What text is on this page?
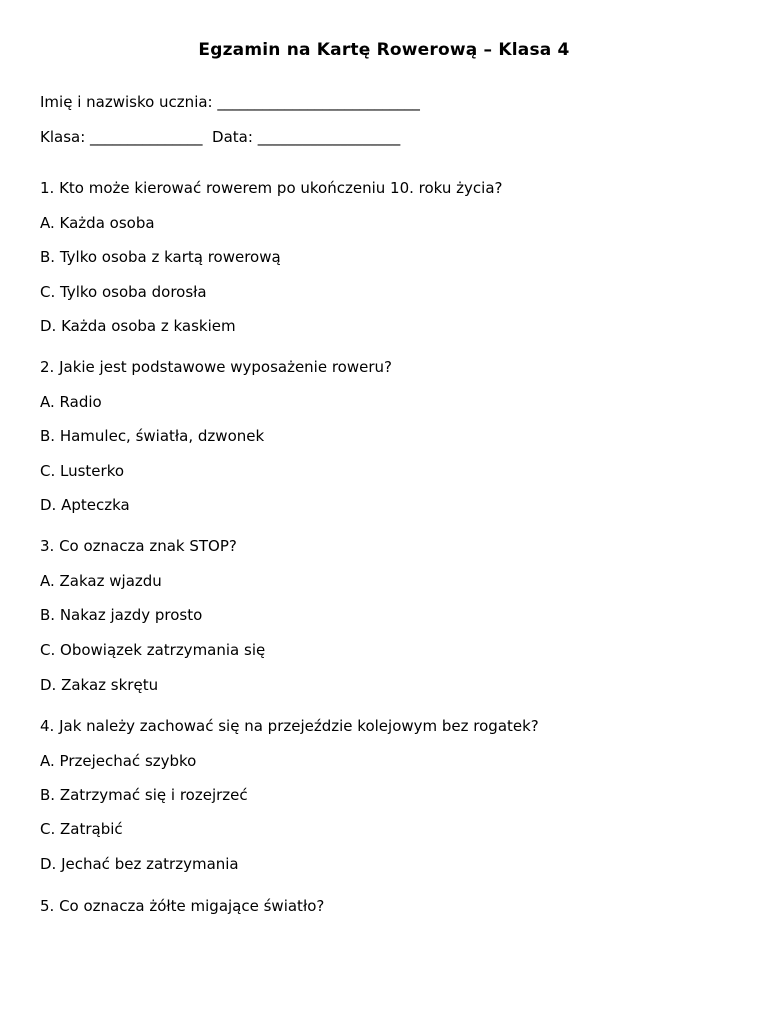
Egzamin na Kartę Rowerową – Klasa 4
Imię i nazwisko ucznia: ___________________________
Klasa: _______________  Data: ___________________
1. Kto może kierować rowerem po ukończeniu 10. roku życia?
A. Każda osoba
B. Tylko osoba z kartą rowerową
C. Tylko osoba dorosła
D. Każda osoba z kaskiem
2. Jakie jest podstawowe wyposażenie roweru?
A. Radio
B. Hamulec, światła, dzwonek
C. Lusterko
D. Apteczka
3. Co oznacza znak STOP?
A. Zakaz wjazdu
B. Nakaz jazdy prosto
C. Obowiązek zatrzymania się
D. Zakaz skrętu
4. Jak należy zachować się na przejeździe kolejowym bez rogatek?
A. Przejechać szybko
B. Zatrzymać się i rozejrzeć
C. Zatrąbić
D. Jechać bez zatrzymania
5. Co oznacza żółte migające światło?
